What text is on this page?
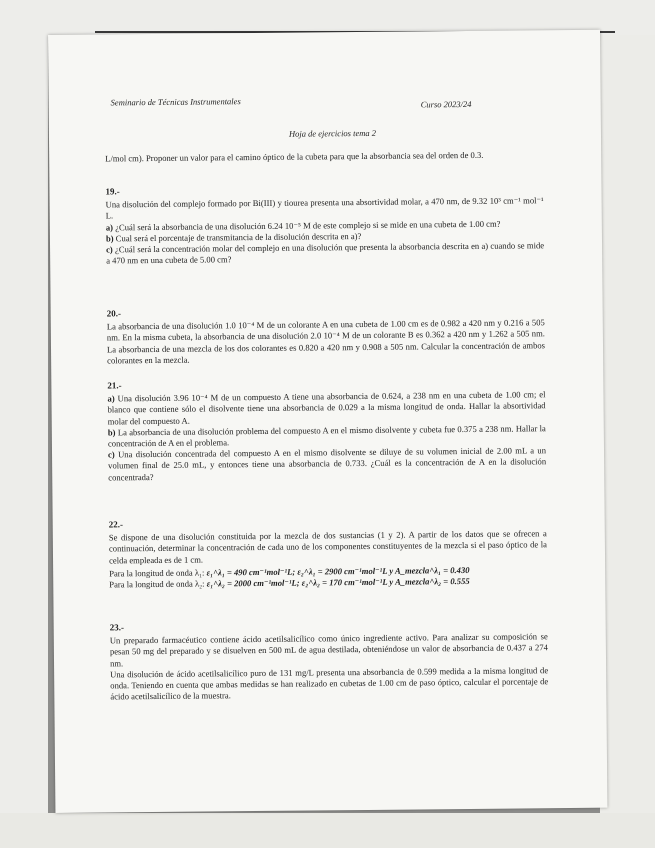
Seminario de Técnicas Instrumentales	Curso 2023/24
Hoja de ejercicios tema 2

L/mol cm). Proponer un valor para el camino óptico de la cubeta para que la absorbancia sea del orden de 0.3.

19.-

Una disolución del complejo formado por Bi(III) y tiourea presenta una absortividad molar, a 470 nm, de 9.32 10³ cm⁻¹ mol⁻¹ L.

a) ¿Cuál será la absorbancia de una disolución 6.24 10⁻⁵ M de este complejo si se mide en una cubeta de 1.00 cm?

b) Cual será el porcentaje de transmitancia de la disolución descrita en a)?

c) ¿Cuál será la concentración molar del complejo en una disolución que presenta la absorbancia descrita en a) cuando se mide a 470 nm en una cubeta de 5.00 cm?

20.-

La absorbancia de una disolución 1.0 10⁻⁴ M de un colorante A en una cubeta de 1.00 cm es de 0.982 a 420 nm y 0.216 a 505 nm. En la misma cubeta, la absorbancia de una disolución 2.0 10⁻⁴ M de un colorante B es 0.362 a 420 nm y 1.262 a 505 nm. La absorbancia de una mezcla de los dos colorantes es 0.820 a 420 nm y 0.908 a 505 nm. Calcular la concentración de ambos colorantes en la mezcla.

21.-

a) Una disolución 3.96 10⁻⁴ M de un compuesto A tiene una absorbancia de 0.624, a 238 nm en una cubeta de 1.00 cm; el blanco que contiene sólo el disolvente tiene una absorbancia de 0.029 a la misma longitud de onda. Hallar la absortividad molar del compuesto A.

b) La absorbancia de una disolución problema del compuesto A en el mismo disolvente y cubeta fue 0.375 a 238 nm. Hallar la concentración de A en el problema.

c) Una disolución concentrada del compuesto A en el mismo disolvente se diluye de su volumen inicial de 2.00 mL a un volumen final de 25.0 mL, y entonces tiene una absorbancia de 0.733. ¿Cuál es la concentración de A en la disolución concentrada?

22.-

Se dispone de una disolución constituida por la mezcla de dos sustancias (1 y 2). A partir de los datos que se ofrecen a continuación, determinar la concentración de cada uno de los componentes constituyentes de la mezcla si el paso óptico de la celda empleada es de 1 cm.

Para la longitud de onda λ₁: ε₁^λ₁ = 490 cm⁻¹mol⁻¹L; ε₂^λ₁ = 2900 cm⁻¹mol⁻¹L y A_mezcla^λ₁ = 0.430

Para la longitud de onda λ₂: ε₁^λ₂ = 2000 cm⁻¹mol⁻¹L; ε₂^λ₂ = 170 cm⁻¹mol⁻¹L y A_mezcla^λ₂ = 0.555

23.-

Un preparado farmacéutico contiene ácido acetilsalicílico como único ingrediente activo. Para analizar su composición se pesan 50 mg del preparado y se disuelven en 500 mL de agua destilada, obteniéndose un valor de absorbancia de 0.437 a 274 nm.

Una disolución de ácido acetilsalicílico puro de 131 mg/L presenta una absorbancia de 0.599 medida a la misma longitud de onda. Teniendo en cuenta que ambas medidas se han realizado en cubetas de 1.00 cm de paso óptico, calcular el porcentaje de ácido acetilsalicílico de la muestra.
